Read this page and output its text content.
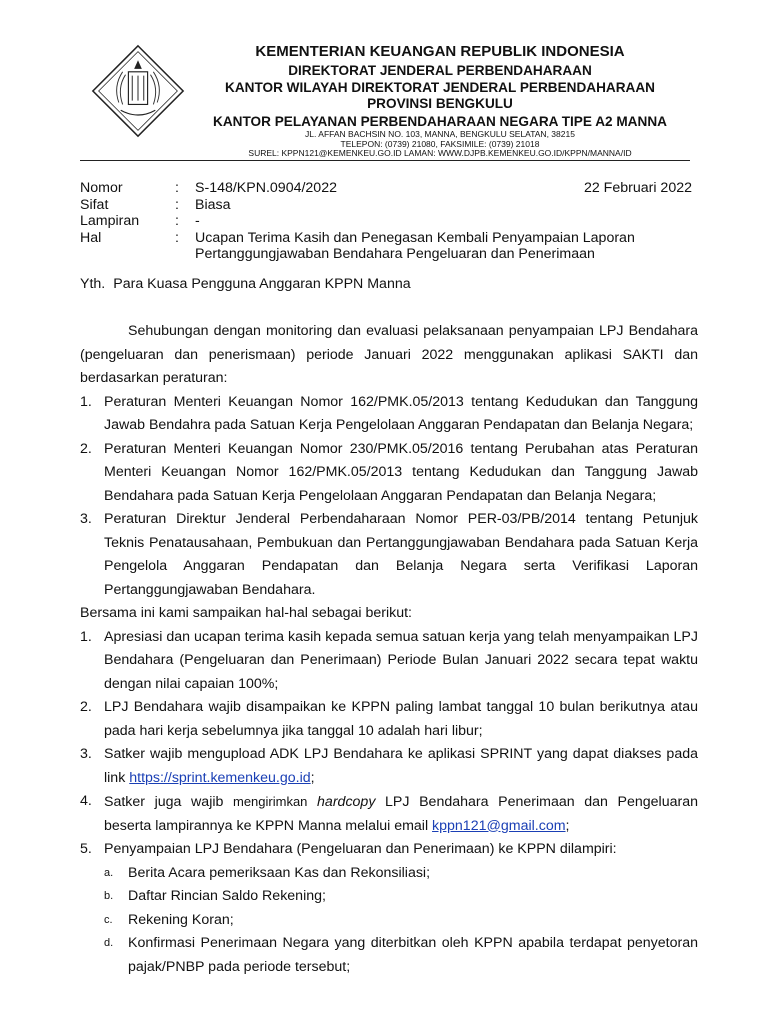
KEMENTERIAN KEUANGAN REPUBLIK INDONESIA
DIREKTORAT JENDERAL PERBENDAHARAAN
KANTOR WILAYAH DIREKTORAT JENDERAL PERBENDAHARAAN
PROVINSI BENGKULU
KANTOR PELAYANAN PERBENDAHARAAN NEGARA TIPE A2 MANNA
JL. AFFAN BACHSIN NO. 103, MANNA, BENGKULU SELATAN, 38215
TELEPON: (0739) 21080, FAKSIMILE: (0739) 21018
SUREL: KPPN121@KEMENKEU.GO.ID LAMAN: WWW.DJPB.KEMENKEU.GO.ID/KPPN/MANNA/ID
Nomor	: S-148/KPN.0904/2022	22 Februari 2022
Sifat	: Biasa
Lampiran	: -
Hal	: Ucapan Terima Kasih dan Penegasan Kembali Penyampaian Laporan
Pertanggungjawaban Bendahara Pengeluaran dan Penerimaan
Yth. Para Kuasa Pengguna Anggaran KPPN Manna

Sehubungan dengan monitoring dan evaluasi pelaksanaan penyampaian LPJ Bendahara (pengeluaran dan penerismaan) periode Januari 2022 menggunakan aplikasi SAKTI dan berdasarkan peraturan:

1. Peraturan Menteri Keuangan Nomor 162/PMK.05/2013 tentang Kedudukan dan Tanggung Jawab Bendahra pada Satuan Kerja Pengelolaan Anggaran Pendapatan dan Belanja Negara;
2. Peraturan Menteri Keuangan Nomor 230/PMK.05/2016 tentang Perubahan atas Peraturan Menteri Keuangan Nomor 162/PMK.05/2013 tentang Kedudukan dan Tanggung Jawab Bendahara pada Satuan Kerja Pengelolaan Anggaran Pendapatan dan Belanja Negara;
3. Peraturan Direktur Jenderal Perbendaharaan Nomor PER-03/PB/2014 tentang Petunjuk Teknis Penatausahaan, Pembukuan dan Pertanggungjawaban Bendahara pada Satuan Kerja Pengelola Anggaran Pendapatan dan Belanja Negara serta Verifikasi Laporan Pertanggungjawaban Bendahara.

Bersama ini kami sampaikan hal-hal sebagai berikut:

1. Apresiasi dan ucapan terima kasih kepada semua satuan kerja yang telah menyampaikan LPJ Bendahara (Pengeluaran dan Penerimaan) Periode Bulan Januari 2022 secara tepat waktu dengan nilai capaian 100%;
2. LPJ Bendahara wajib disampaikan ke KPPN paling lambat tanggal 10 bulan berikutnya atau pada hari kerja sebelumnya jika tanggal 10 adalah hari libur;
3. Satker wajib mengupload ADK LPJ Bendahara ke aplikasi SPRINT yang dapat diakses pada link https://sprint.kemenkeu.go.id;
4. Satker juga wajib mengirimkan hardcopy LPJ Bendahara Penerimaan dan Pengeluaran beserta lampirannya ke KPPN Manna melalui email kppn121@gmail.com;
5. Penyampaian LPJ Bendahara (Pengeluaran dan Penerimaan) ke KPPN dilampiri:
a. Berita Acara pemeriksaan Kas dan Rekonsiliasi;
b. Daftar Rincian Saldo Rekening;
c. Rekening Koran;
d. Konfirmasi Penerimaan Negara yang diterbitkan oleh KPPN apabila terdapat penyetoran pajak/PNBP pada periode tersebut;
